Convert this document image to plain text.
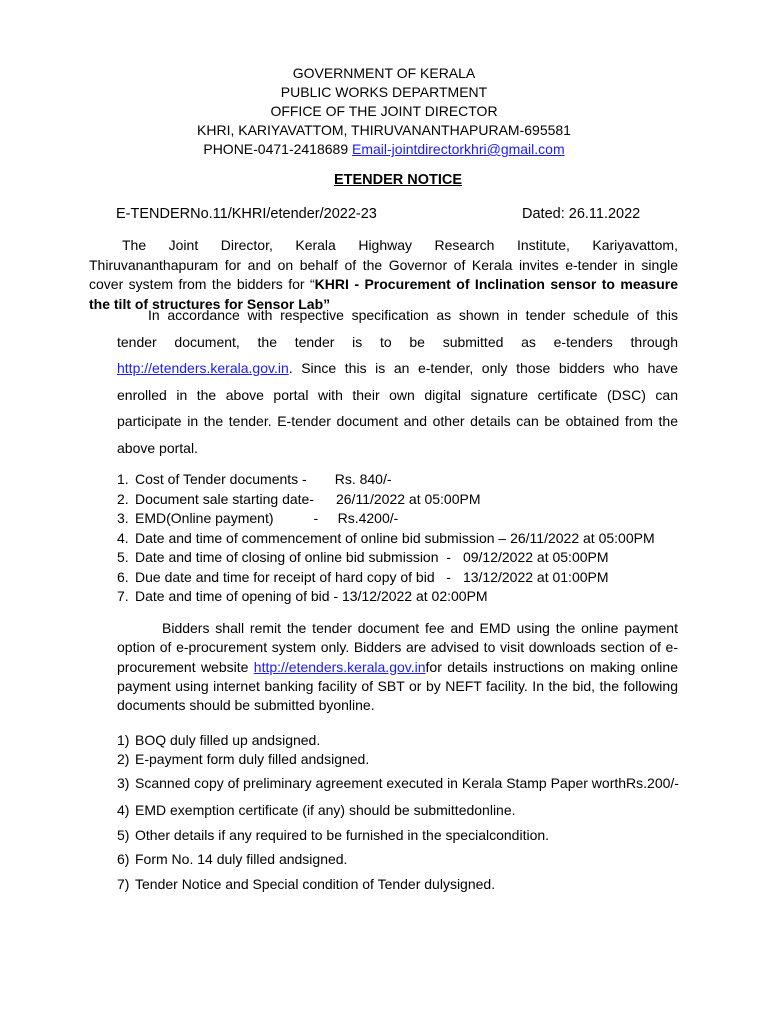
GOVERNMENT OF KERALA
PUBLIC WORKS DEPARTMENT
OFFICE OF THE JOINT DIRECTOR
KHRI, KARIYAVATTOM, THIRUVANANTHAPURAM-695581
PHONE-0471-2418689 Email-jointdirectorkhri@gmail.com
ETENDER NOTICE
E-TENDERNo.11/KHRI/etender/2022-23	Dated: 26.11.2022
The Joint Director, Kerala Highway Research Institute, Kariyavattom, Thiruvananthapuram for and on behalf of the Governor of Kerala invites e-tender in single cover system from the bidders for “KHRI - Procurement of Inclination sensor to measure the tilt of structures for Sensor Lab”
In accordance with respective specification as shown in tender schedule of this tender document, the tender is to be submitted as e-tenders through http://etenders.kerala.gov.in. Since this is an e-tender, only those bidders who have enrolled in the above portal with their own digital signature certificate (DSC) can participate in the tender. E-tender document and other details can be obtained from the above portal.
1. Cost of Tender documents - Rs. 840/-
2. Document sale starting date- 26/11/2022 at 05:00PM
3. EMD(Online payment)	-     Rs.4200/-
4. Date and time of commencement of online bid submission – 26/11/2022 at 05:00PM
5. Date and time of closing of online bid submission  - 09/12/2022 at 05:00PM
6. Due date and time for receipt of hard copy of bid   - 13/12/2022 at 01:00PM
7. Date and time of opening of bid - 13/12/2022 at 02:00PM
Bidders shall remit the tender document fee and EMD using the online payment option of e-procurement system only. Bidders are advised to visit downloads section of e-procurement website http://etenders.kerala.gov.infor details instructions on making online payment using internet banking facility of SBT or by NEFT facility. In the bid, the following documents should be submitted byonline.
1) BOQ duly filled up andsigned.
2) E-payment form duly filled andsigned.
3) Scanned copy of preliminary agreement executed in Kerala Stamp Paper worthRs.200/-
4) EMD exemption certificate (if any) should be submittedonline.
5) Other details if any required to be furnished in the specialcondition.
6) Form No. 14 duly filled andsigned.
7) Tender Notice and Special condition of Tender dulysigned.
